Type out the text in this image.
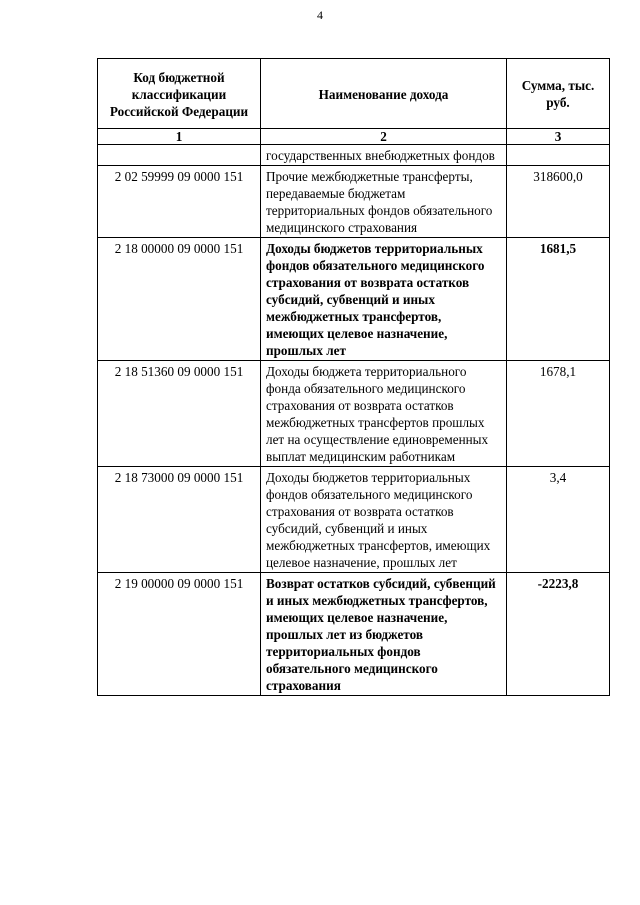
4
Код бюджетной классификации Российской Федерации	Наименование дохода	Сумма, тыс. руб.
1	2	3
	государственных внебюджетных фондов	
2 02 59999 09 0000 151	Прочие межбюджетные трансферты, передаваемые бюджетам территориальных фондов обязательного медицинского страхования	318600,0
2 18 00000 09 0000 151	Доходы бюджетов территориальных фондов обязательного медицинского страхования от возврата остатков субсидий, субвенций и иных межбюджетных трансфертов, имеющих целевое назначение, прошлых лет	1681,5
2 18 51360 09 0000 151	Доходы бюджета территориального фонда обязательного медицинского страхования от возврата остатков межбюджетных трансфертов прошлых лет на осуществление единовременных выплат медицинским работникам	1678,1
2 18 73000 09 0000 151	Доходы бюджетов территориальных фондов обязательного медицинского страхования от возврата остатков субсидий, субвенций и иных межбюджетных трансфертов, имеющих целевое назначение, прошлых лет	3,4
2 19 00000 09 0000 151	Возврат остатков субсидий, субвенций и иных межбюджетных трансфертов, имеющих целевое назначение, прошлых лет из бюджетов территориальных фондов обязательного медицинского страхования	-2223,8
